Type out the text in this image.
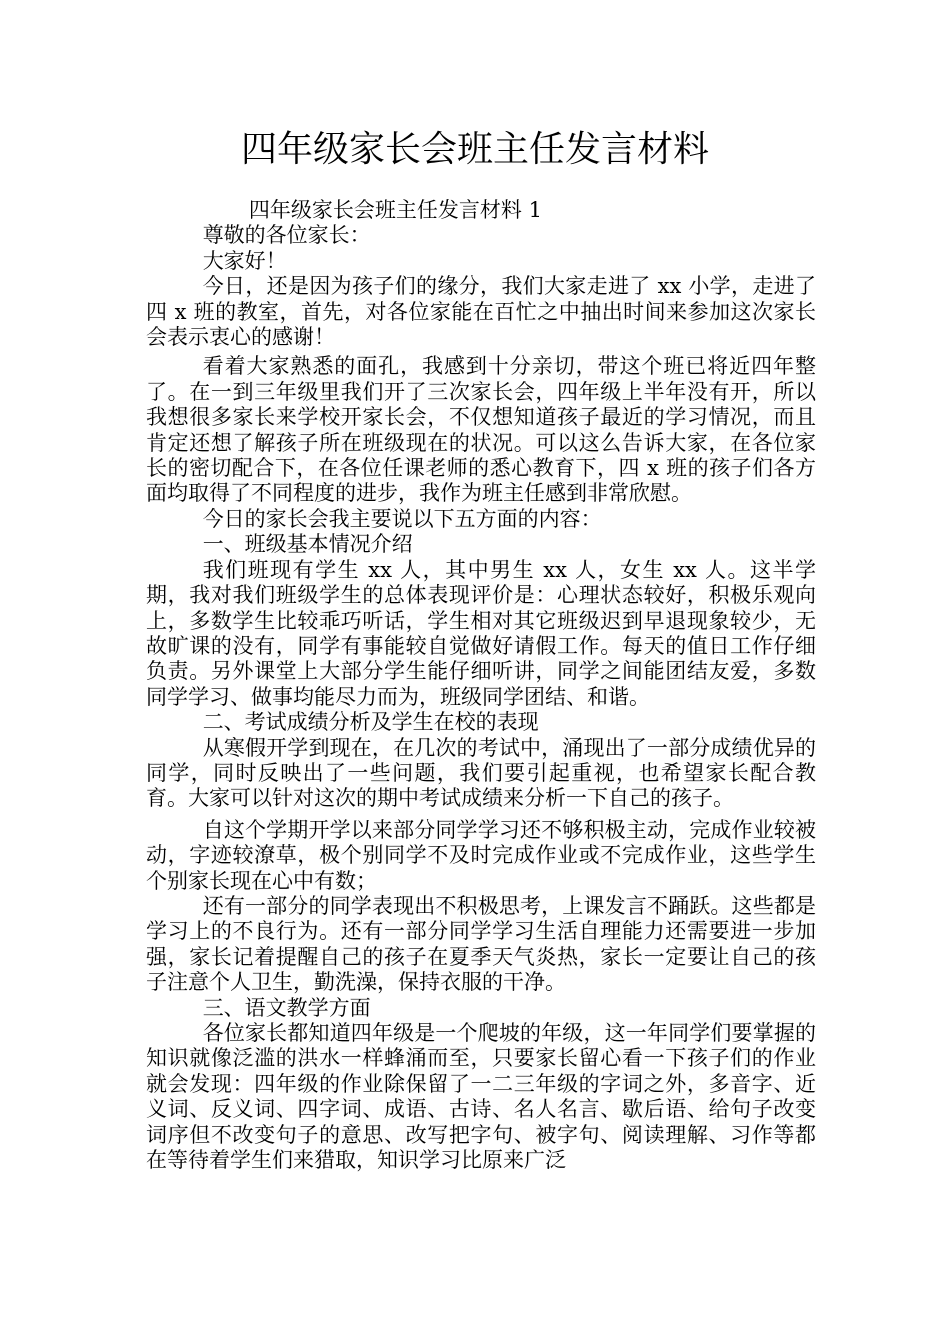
四年级家长会班主任发言材料

四年级家长会班主任发言材料 1

尊敬的各位家长：

大家好！

今日，还是因为孩子们的缘分，我们大家走进了 xx 小学，走进了四 x 班的教室，首先，对各位家能在百忙之中抽出时间来参加这次家长会表示衷心的感谢！

看着大家熟悉的面孔，我感到十分亲切，带这个班已将近四年整了。在一到三年级里我们开了三次家长会，四年级上半年没有开，所以我想很多家长来学校开家长会，不仅想知道孩子最近的学习情况，而且肯定还想了解孩子所在班级现在的状况。可以这么告诉大家，在各位家长的密切配合下，在各位任课老师的悉心教育下，四 x 班的孩子们各方面均取得了不同程度的进步，我作为班主任感到非常欣慰。

今日的家长会我主要说以下五方面的内容：

一、班级基本情况介绍

我们班现有学生 xx 人，其中男生 xx 人，女生 xx 人。这半学期，我对我们班级学生的总体表现评价是：心理状态较好，积极乐观向上，多数学生比较乖巧听话，学生相对其它班级迟到早退现象较少，无故旷课的没有，同学有事能较自觉做好请假工作。每天的值日工作仔细负责。另外课堂上大部分学生能仔细听讲，同学之间能团结友爱，多数同学学习、做事均能尽力而为，班级同学团结、和谐。

二、考试成绩分析及学生在校的表现

从寒假开学到现在，在几次的考试中，涌现出了一部分成绩优异的同学，同时反映出了一些问题，我们要引起重视，也希望家长配合教育。大家可以针对这次的期中考试成绩来分析一下自己的孩子。

自这个学期开学以来部分同学学习还不够积极主动，完成作业较被动，字迹较潦草，极个别同学不及时完成作业或不完成作业，这些学生个别家长现在心中有数；

还有一部分的同学表现出不积极思考，上课发言不踊跃。这些都是学习上的不良行为。还有一部分同学学习生活自理能力还需要进一步加强，家长记着提醒自己的孩子在夏季天气炎热，家长一定要让自己的孩子注意个人卫生，勤洗澡，保持衣服的干净。

三、语文教学方面

各位家长都知道四年级是一个爬坡的年级，这一年同学们要掌握的知识就像泛滥的洪水一样蜂涌而至，只要家长留心看一下孩子们的作业就会发现：四年级的作业除保留了一二三年级的字词之外，多音字、近义词、反义词、四字词、成语、古诗、名人名言、歇后语、给句子改变词序但不改变句子的意思、改写把字句、被字句、阅读理解、习作等都在等待着学生们来猎取，知识学习比原来广泛
